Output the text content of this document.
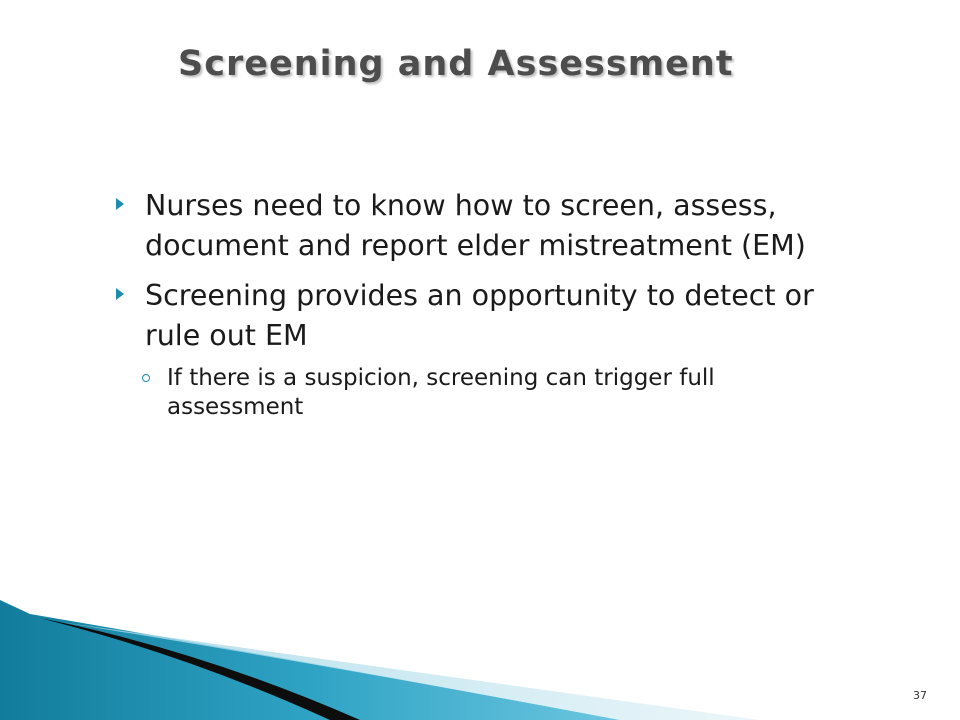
Screening and Assessment
Nurses need to know how to screen, assess, document and report elder mistreatment (EM)
Screening provides an opportunity to detect or rule out EM
If there is a suspicion, screening can trigger full assessment
37
